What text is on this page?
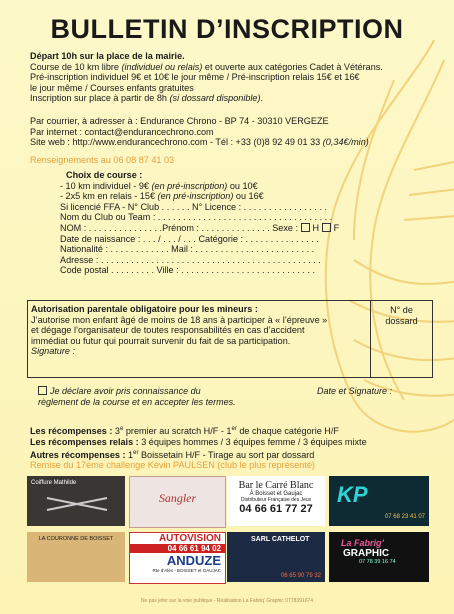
BULLETIN D’INSCRIPTION
Départ 10h sur la place de la mairie.
Course de 10 km libre (individuel ou relais) et ouverte aux catégories Cadet à Vétérans.
Pré-inscription individuel 9€ et 10€ le jour même / Pré-inscription relais 15€ et 16€
le jour même / Courses enfants gratuites
Inscription sur place à partir de 8h (si dossard disponible).
Par courrier, à adresser à : Endurance Chrono - BP 74 - 30310 VERGEZE
Par internet : contact@endurancechrono.com
Site web : http://www.endurancechrono.com - Tél : +33 (0)8 92 49 01 33 (0,34€/min)
Renseignements au 06 08 87 41 03
Choix de course :
- 10 km individuel - 9€ (en pré-inscription) ou 10€
- 2x5 km en relais - 15€ (en pré-inscription) ou 16€
Si licencié FFA - N° Club . . . . . . N° Licence : . . . . . . . . . . . . . . . . .
Nom du Club ou Team : . . . . . . . . . . . . . . . . . . . . . . . . . . . . . . . . . . .
NOM : . . . . . . . . . . . . . . .Prénom : . . . . . . . . . . . . . . Sexe : H F
Date de naissance : . . . / . . . / . . . Catégorie : . . . . . . . . . . . . . . .
Nationalité : . . . . . . . . . . . . Mail : . . . . . . . . . . . . . . . . . . . . . . . .
Adresse : . . . . . . . . . . . . . . . . . . . . . . . . . . . . . . . . . . . . . . . . . . . .
Code postal . . . . . . . . . Ville : . . . . . . . . . . . . . . . . . . . . . . . . . . .
Autorisation parentale obligatoire pour les mineurs :
J’autorise mon enfant âgé de moins de 18 ans à participer à « l’épreuve »
et dégage l’organisateur de toutes responsabilités en cas d’accident
immédiat ou futur qui pourrait survenir du fait de sa participation.
Signature :
N° de dossard
Je déclare avoir pris connaissance du
règlement de la course et en accepter les termes.
Date et Signature :
Les récompenses : 3e premier au scratch H/F - 1er de chaque catégorie H/F
Les récompenses relais : 3 équipes hommes / 3 équipes femme / 3 équipes mixte
Autres récompenses : 1er Boissetain H/F - Tirage au sort par dossard
Remise du 17ème challenge Kévin PAULSEN (club le plus représenté)
Coiffure Mathilde
Sangler
Bar le Carré Blanc
À Boisset et Gaujac
Distributeur Française des Jeux
04 66 61 77 27
KP
07 68 23 41 07
LA COURONNE DE BOISSET	AUTOVISION
04 66 61 94 02
ANDUZE
Rte d’Alès - BOISSET et GAUJAC
SARL CATHELOT
06 65 90 79 32
La Fabrig’
GRAPHIC
07 78 39 16 74
Ne pas jeter sur la voie publique - Réalisation La Fabriq’ Graphic 0778391674
